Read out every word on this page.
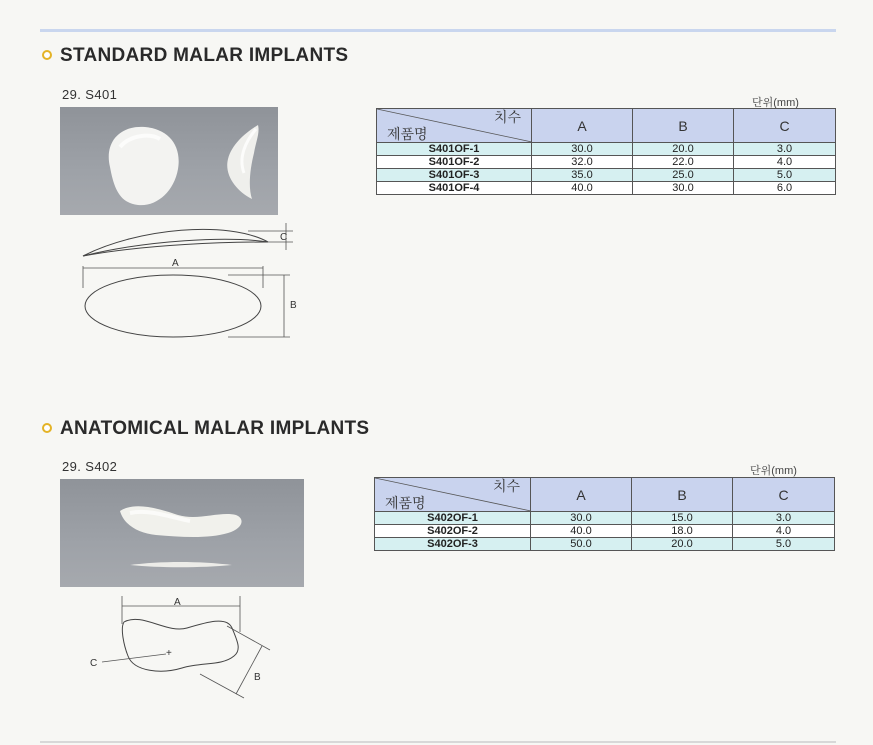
STANDARD MALAR IMPLANTS
29. S401
C
A
B
단위(mm)
치수
제품명	A	B	C
S401OF-1	30.0	20.0	3.0
S401OF-2	32.0	22.0	4.0
S401OF-3	35.0	25.0	5.0
S401OF-4	40.0	30.0	6.0
ANATOMICAL MALAR IMPLANTS
29. S402
A
+
C
B
단위(mm)
치수
제품명	A	B	C
S402OF-1	30.0	15.0	3.0
S402OF-2	40.0	18.0	4.0
S402OF-3	50.0	20.0	5.0
